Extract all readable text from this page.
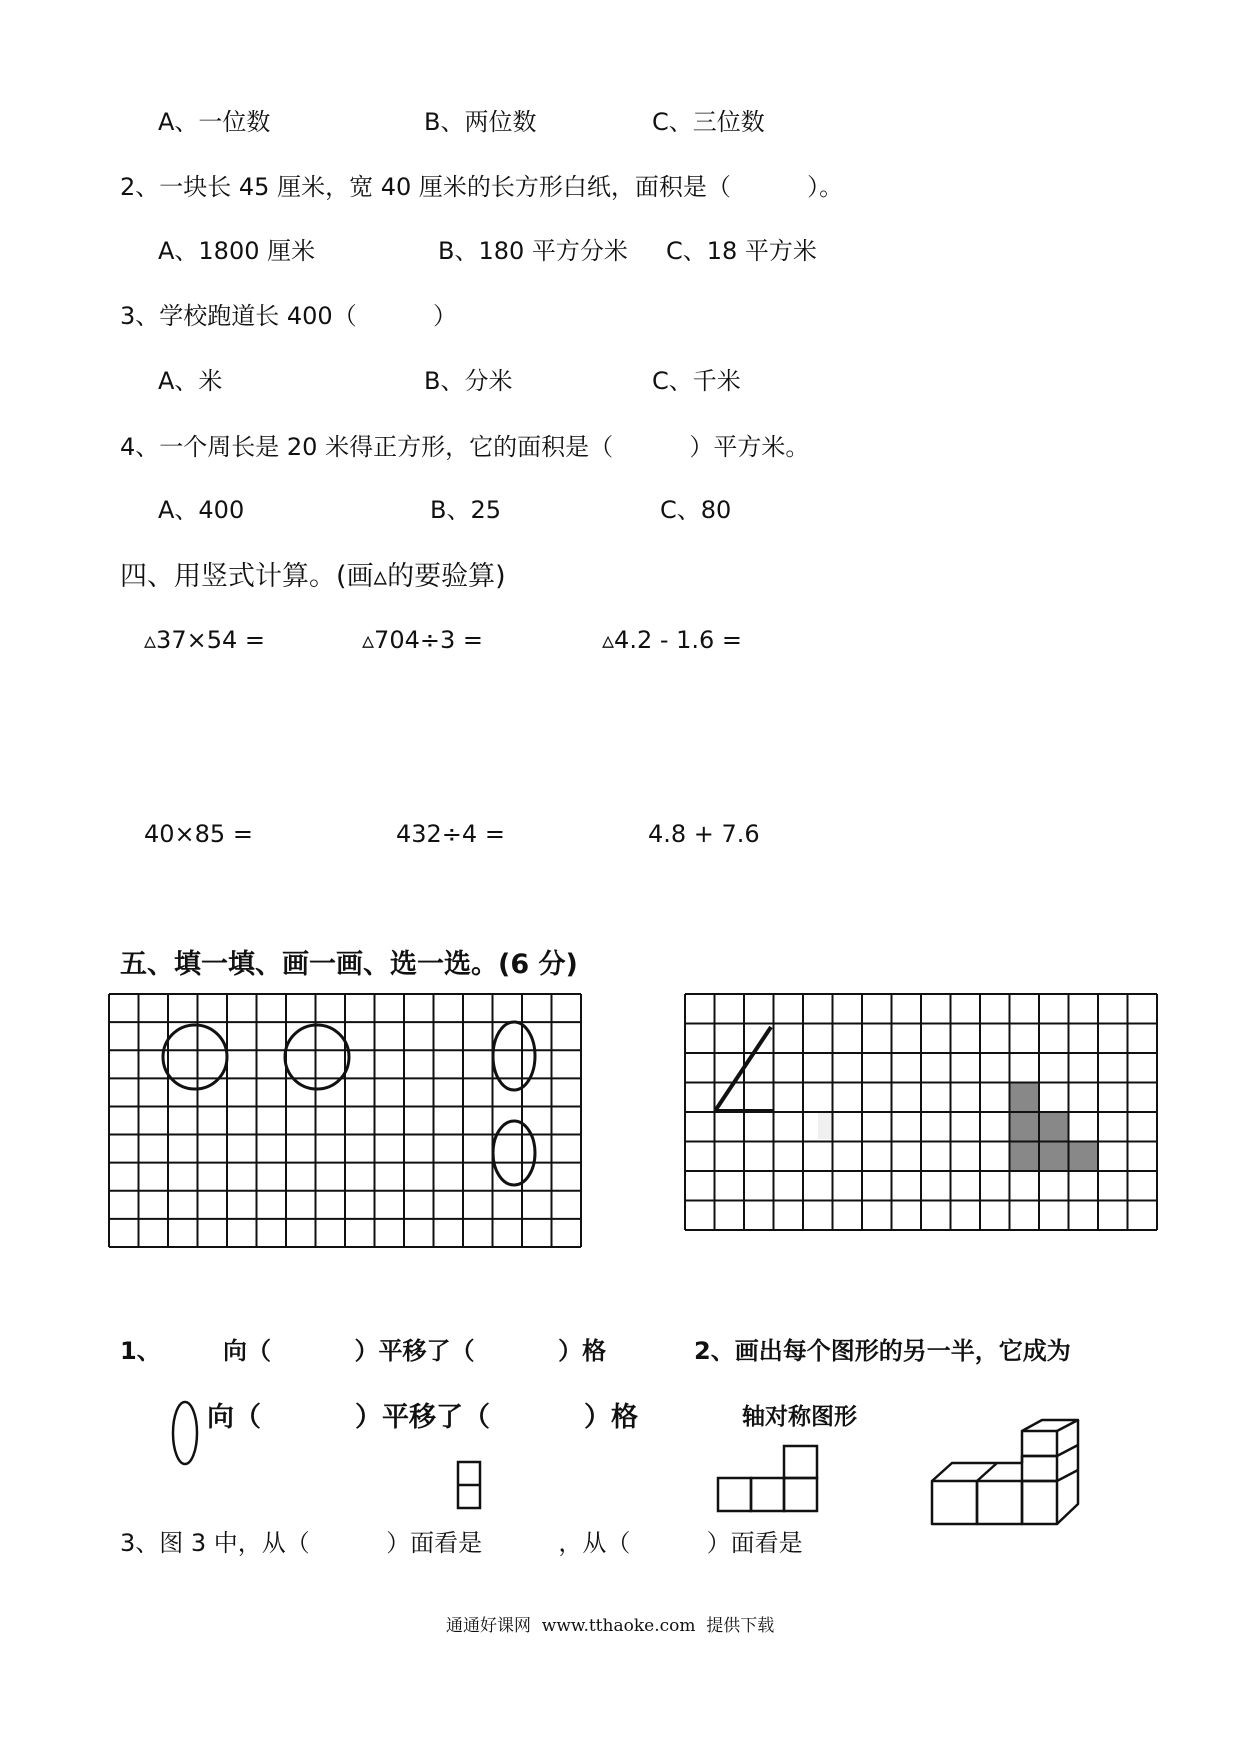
A、一位数	B、两位数	C、三位数
2、一块长 45 厘米，宽 40 厘米的长方形白纸，面积是（          ）。
A、1800 厘米	B、180 平方分米 C、18 平方米
3、学校跑道长 400（          ）
A、米	B、分米	C、千米
4、一个周长是 20 米得正方形，它的面积是（          ）平方米。
A、400	B、25	C、80
四、用竖式计算。(画▵的要验算)
▵37×54 =	▵704÷3 =	▵4.2 - 1.6 =
40×85 =	432÷4 =	4.8 + 7.6
五、填一填、画一画、选一选。(6 分)
1、	向（          ）平移了（          ）格
向（          ）平移了（          ）格
2、画出每个图形的另一半，它成为
轴对称图形
3、图 3 中，从（          ）面看是          ，从（          ）面看是
通通好课网  www.tthaoke.com  提供下载
